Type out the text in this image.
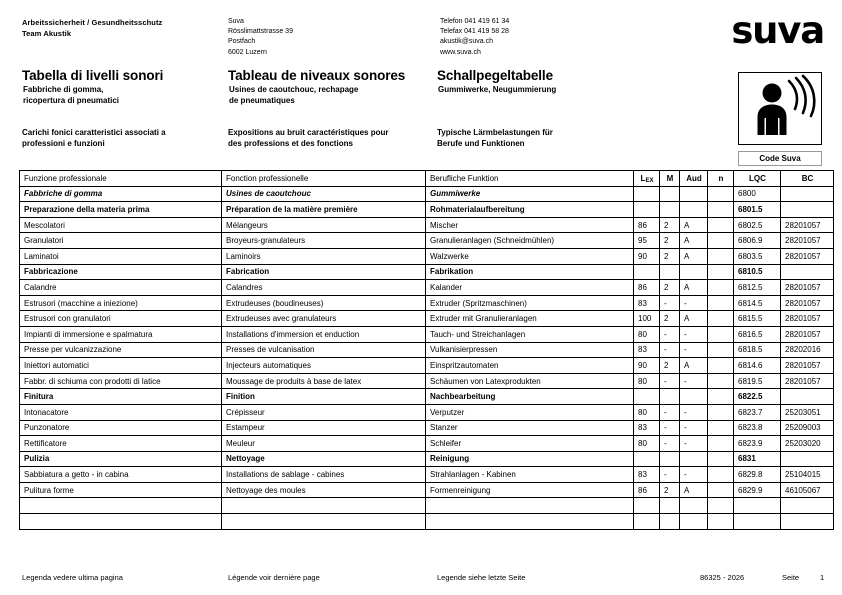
Arbeitssicherheit / Gesundheitsschutz
Team Akustik
Suva
Rösslimattstrasse 39
Postfach
6002 Luzern
Telefon 041 419 61 34
Telefax 041 419 58 28
akustik@suva.ch
www.suva.ch
suva
Tabella di livelli sonori
Fabbriche di gomma,
ricopertura di pneumatici
Tableau de niveaux sonores
Usines de caoutchouc, rechapage
de pneumatiques
Schallpegeltabelle
Gummiwerke, Neugummierung
Carichi fonici caratteristici associati a
professioni e funzioni
Expositions au bruit caractéristiques pour
des professions et des fonctions
Typische Lärmbelastungen für
Berufe und Funktionen
Code Suva
Funzione professionale	Fonction professionelle	Berufliche Funktion	$L_{EX}$	M	Aud	n	LQC	BC
Fabbriche di gomma	Usines de caoutchouc	Gummiwerke					6800	
Preparazione della materia prima	Préparation de la matière première	Rohmaterialaufbereitung					6801.5	
Mescolatori	Mélangeurs	Mischer	86	2	A		6802.5	28201057
Granulatori	Broyeurs-granulateurs	Granulieranlagen (Schneidmühlen)	95	2	A		6806.9	28201057
Laminatoi	Laminoirs	Walzwerke	90	2	A		6803.5	28201057
Fabbricazione	Fabrication	Fabrikation					6810.5	
Calandre	Calandres	Kalander	86	2	A		6812.5	28201057
Estrusori (macchine a iniezione)	Extrudeuses (boudineuses)	Extruder (Spritzmaschinen)	83	-	-		6814.5	28201057
Estrusori con granulatori	Extrudeuses avec granulateurs	Extruder mit Granulieranlagen	100	2	A		6815.5	28201057
Impianti di immersione e spalmatura	Installations d'immersion et enduction	Tauch- und Streichanlagen	80	-	-		6816.5	28201057
Presse per vulcanizzazione	Presses de vulcanisation	Vulkanisierpressen	83	-	-		6818.5	28202016
Iniettori automatici	Injecteurs automatiques	Einspritzautomaten	90	2	A		6814.6	28201057
Fabbr. di schiuma con prodotti di latice	Moussage de produits à base de latex	Schäumen von Latexprodukten	80	-	-		6819.5	28201057
Finitura	Finition	Nachbearbeitung					6822.5	
Intonacatore	Crépisseur	Verputzer	80	-	-		6823.7	25203051
Punzonatore	Estampeur	Stanzer	83	-	-		6823.8	25209003
Rettificatore	Meuleur	Schleifer	80	-	-		6823.9	25203020
Pulizia	Nettoyage	Reinigung					6831	
Sabbiatura a getto - in cabina	Installations de sablage - cabines	Strahlanlagen - Kabinen	83	-	-		6829.8	25104015
Pulitura forme	Nettoyage des moules	Formenreinigung	86	2	A		6829.9	46105067

Legenda vedere ultima pagina	Légende voir dernière page	Legende siehe letzte Seite	86325 - 2026	Seite	1
